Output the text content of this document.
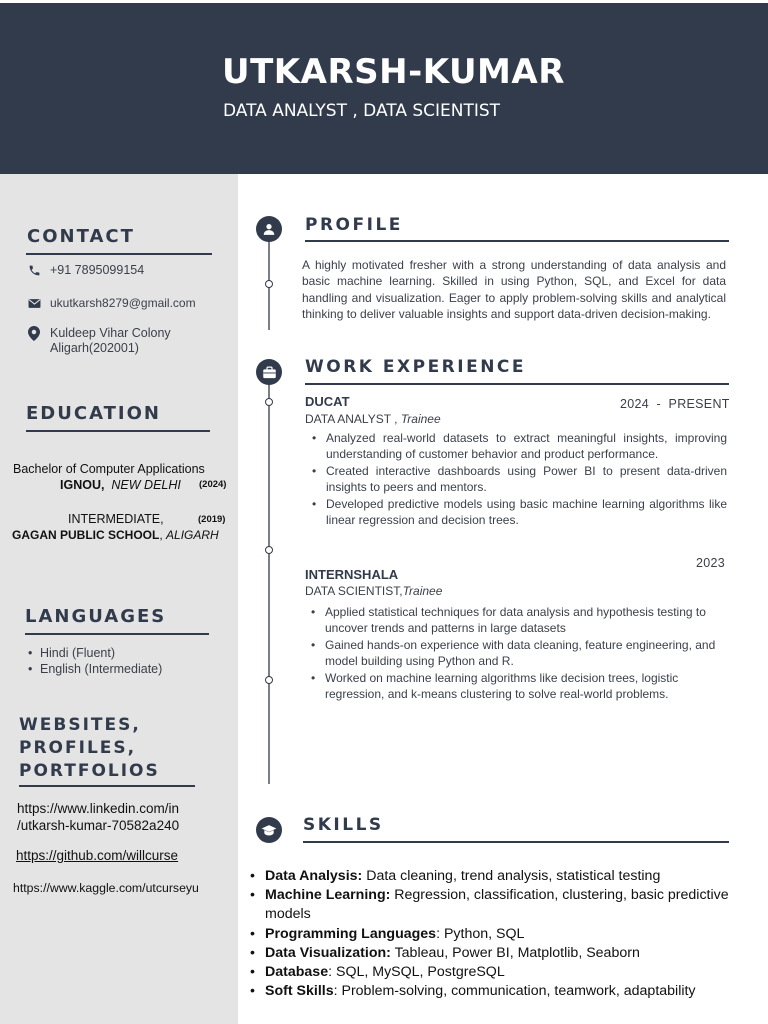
UTKARSH-KUMAR
DATA ANALYST , DATA SCIENTIST
CONTACT
+91 7895099154
ukutkarsh8279@gmail.com
Kuldeep Vihar Colony
Aligarh(202001)
EDUCATION
Bachelor of Computer Applications
IGNOU, NEW DELHI (2024)
INTERMEDIATE,	(2019)
GAGAN PUBLIC SCHOOL, ALIGARH
LANGUAGES
• Hindi (Fluent)
• English (Intermediate)
WEBSITES,
PROFILES,
PORTFOLIOS
https://www.linkedin.com/in
/utkarsh-kumar-70582a240
https://github.com/willcurse
https://www.kaggle.com/utcurseyu
PROFILE
A highly motivated fresher with a strong understanding of data analysis and basic machine learning. Skilled in using Python, SQL, and Excel for data handling and visualization. Eager to apply problem-solving skills and analytical thinking to deliver valuable insights and support data-driven decision-making.
WORK EXPERIENCE
DUCAT	2024  -  PRESENT
DATA ANALYST , Trainee
• Analyzed real-world datasets to extract meaningful insights, improving understanding of customer behavior and product performance.
• Created interactive dashboards using Power BI to present data-driven insights to peers and mentors.
• Developed predictive models using basic machine learning algorithms like linear regression and decision trees.
2023
INTERNSHALA
DATA SCIENTIST,Trainee
• Applied statistical techniques for data analysis and hypothesis testing to uncover trends and patterns in large datasets
• Gained hands-on experience with data cleaning, feature engineering, and model building using Python and R.
• Worked on machine learning algorithms like decision trees, logistic regression, and k-means clustering to solve real-world problems.
SKILLS
• Data Analysis: Data cleaning, trend analysis, statistical testing
• Machine Learning: Regression, classification, clustering, basic predictive models
• Programming Languages: Python, SQL
• Data Visualization: Tableau, Power BI, Matplotlib, Seaborn
• Database: SQL, MySQL, PostgreSQL
• Soft Skills: Problem-solving, communication, teamwork, adaptability
